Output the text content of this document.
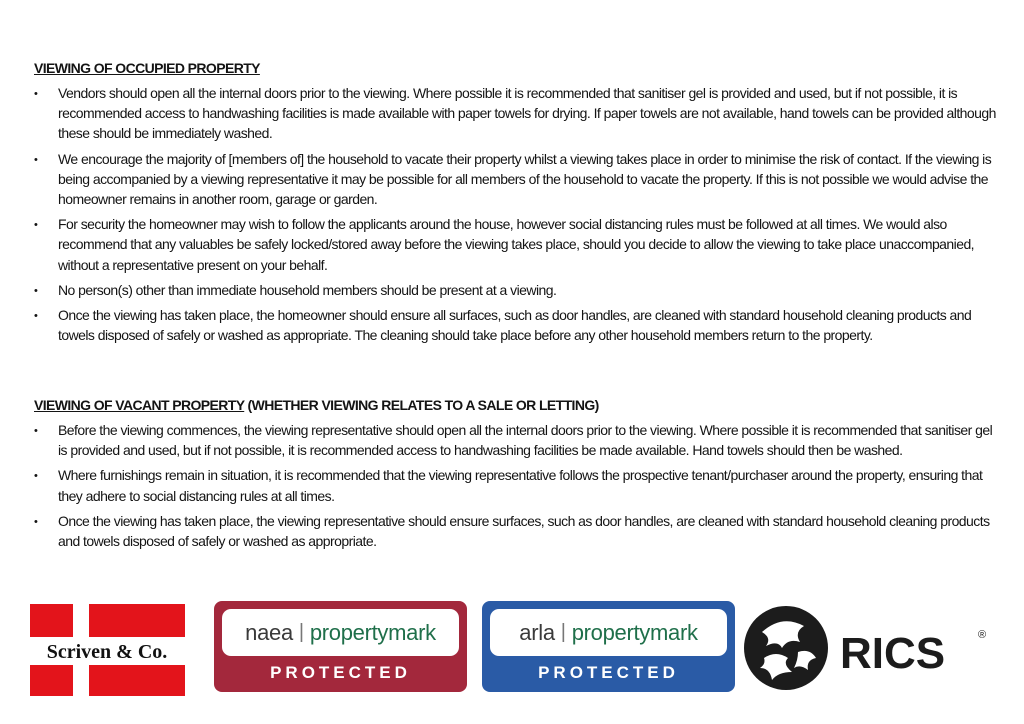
VIEWING OF OCCUPIED PROPERTY
• Vendors should open all the internal doors prior to the viewing. Where possible it is recommended that sanitiser gel is provided and used, but if not possible, it is recommended access to handwashing facilities is made available with paper towels for drying. If paper towels are not available, hand towels can be provided although these should be immediately washed.
• We encourage the majority of [members of] the household to vacate their property whilst a viewing takes place in order to minimise the risk of contact. If the viewing is being accompanied by a viewing representative it may be possible for all members of the household to vacate the property. If this is not possible we would advise the homeowner remains in another room, garage or garden.
• For security the homeowner may wish to follow the applicants around the house, however social distancing rules must be followed at all times. We would also recommend that any valuables be safely locked/stored away before the viewing takes place, should you decide to allow the viewing to take place unaccompanied, without a representative present on your behalf.
• No person(s) other than immediate household members should be present at a viewing.
• Once the viewing has taken place, the homeowner should ensure all surfaces, such as door handles, are cleaned with standard household cleaning products and towels disposed of safely or washed as appropriate. The cleaning should take place before any other household members return to the property.
VIEWING OF VACANT PROPERTY (WHETHER VIEWING RELATES TO A SALE OR LETTING)
• Before the viewing commences, the viewing representative should open all the internal doors prior to the viewing. Where possible it is recommended that sanitiser gel is provided and used, but if not possible, it is recommended access to handwashing facilities be made available. Hand towels should then be washed.
• Where furnishings remain in situation, it is recommended that the viewing representative follows the prospective tenant/purchaser around the property, ensuring that they adhere to social distancing rules at all times.
• Once the viewing has taken place, the viewing representative should ensure surfaces, such as door handles, are cleaned with standard household cleaning products and towels disposed of safely or washed as appropriate.
Scriven & Co.
naea | propertymark
PROTECTED
arla | propertymark
PROTECTED	RICS	®
